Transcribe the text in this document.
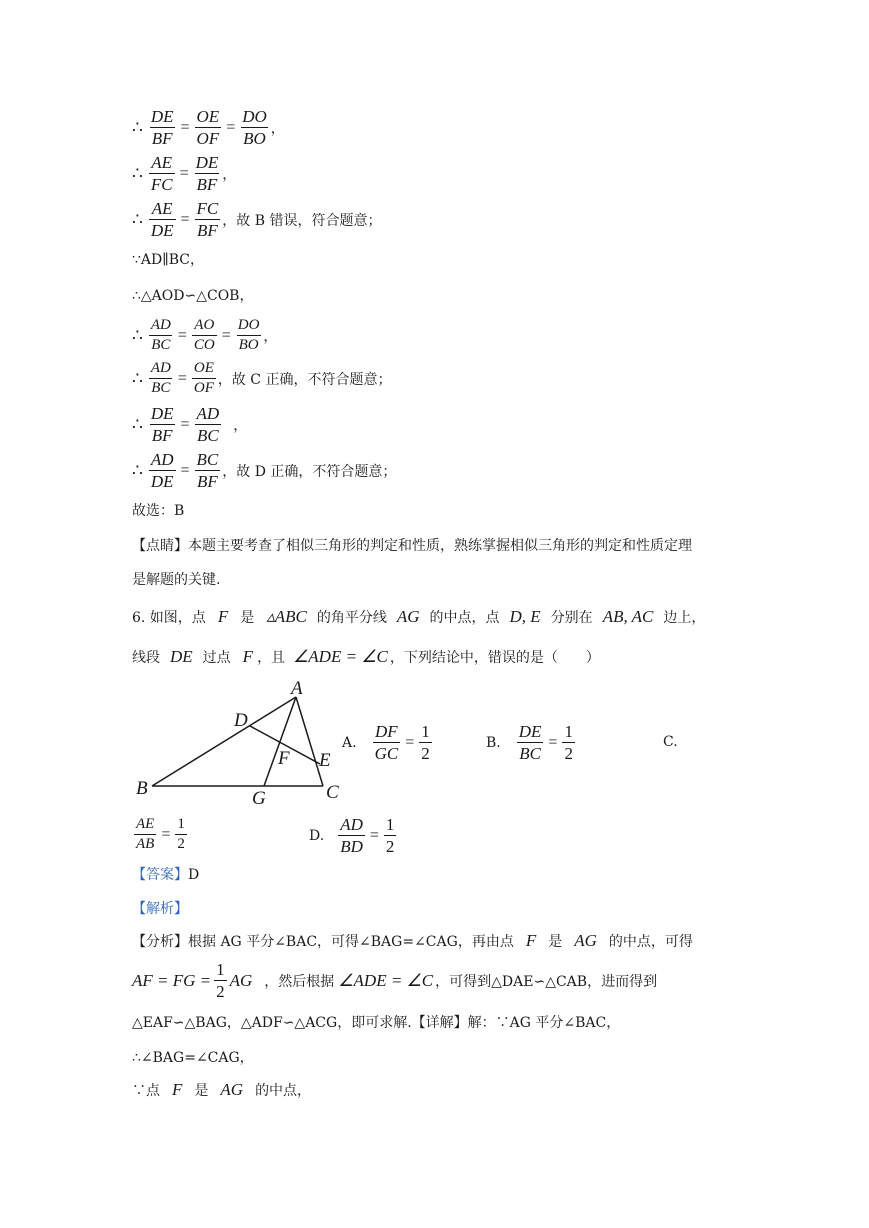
∴ $\frac{DE}{BF} = \frac{OE}{OF} = \frac{DO}{BO}$ ，
∴ $\frac{AE}{FC} = \frac{DE}{BF}$ ，
∴ $\frac{AE}{DE} = \frac{FC}{BF}$ ，故 B 错误，符合题意；
∵AD∥BC，
∴△AOD∽△COB，
∴ $\frac{AD}{BC} = \frac{AO}{CO} = \frac{DO}{BO}$ ，
∴ $\frac{AD}{BC} = \frac{OE}{OF}$ ，故 C 正确，不符合题意；
∴ $\frac{DE}{BF} = \frac{AD}{BC}$ ，
∴ $\frac{AD}{DE} = \frac{BC}{BF}$ ，故 D 正确，不符合题意；
故选：B
【点睛】本题主要考查了相似三角形的判定和性质，熟练掌握相似三角形的判定和性质定理
是解题的关键.
6. 如图，点 F 是 ▵ABC 的角平分线 AG 的中点，点 D, E 分别在 AB, AC 边上，
线段 DE 过点 F ，且 ∠ADE = ∠C ，下列结论中，错误的是（　　）
A
B	C
D
E
F
G
A. $\frac{DF}{GC} = \frac{1}{2}$	B. $\frac{DE}{BC} = \frac{1}{2}$	C.
$\frac{AE}{AB} = \frac{1}{2}$	D. $\frac{AD}{BD} = \frac{1}{2}$
【答案】D
【解析】
【分析】根据 AG 平分∠BAC，可得∠BAG=∠CAG，再由点 F 是 AG 的中点，可得
AF = FG = $\frac{1}{2}$ AG ，然后根据 ∠ADE = ∠C ，可得到△DAE∽△CAB，进而得到
△EAF∽△BAG，△ADF∽△ACG，即可求解.【详解】解：∵AG 平分∠BAC，
∴∠BAG=∠CAG，
∵点 F 是 AG 的中点，
